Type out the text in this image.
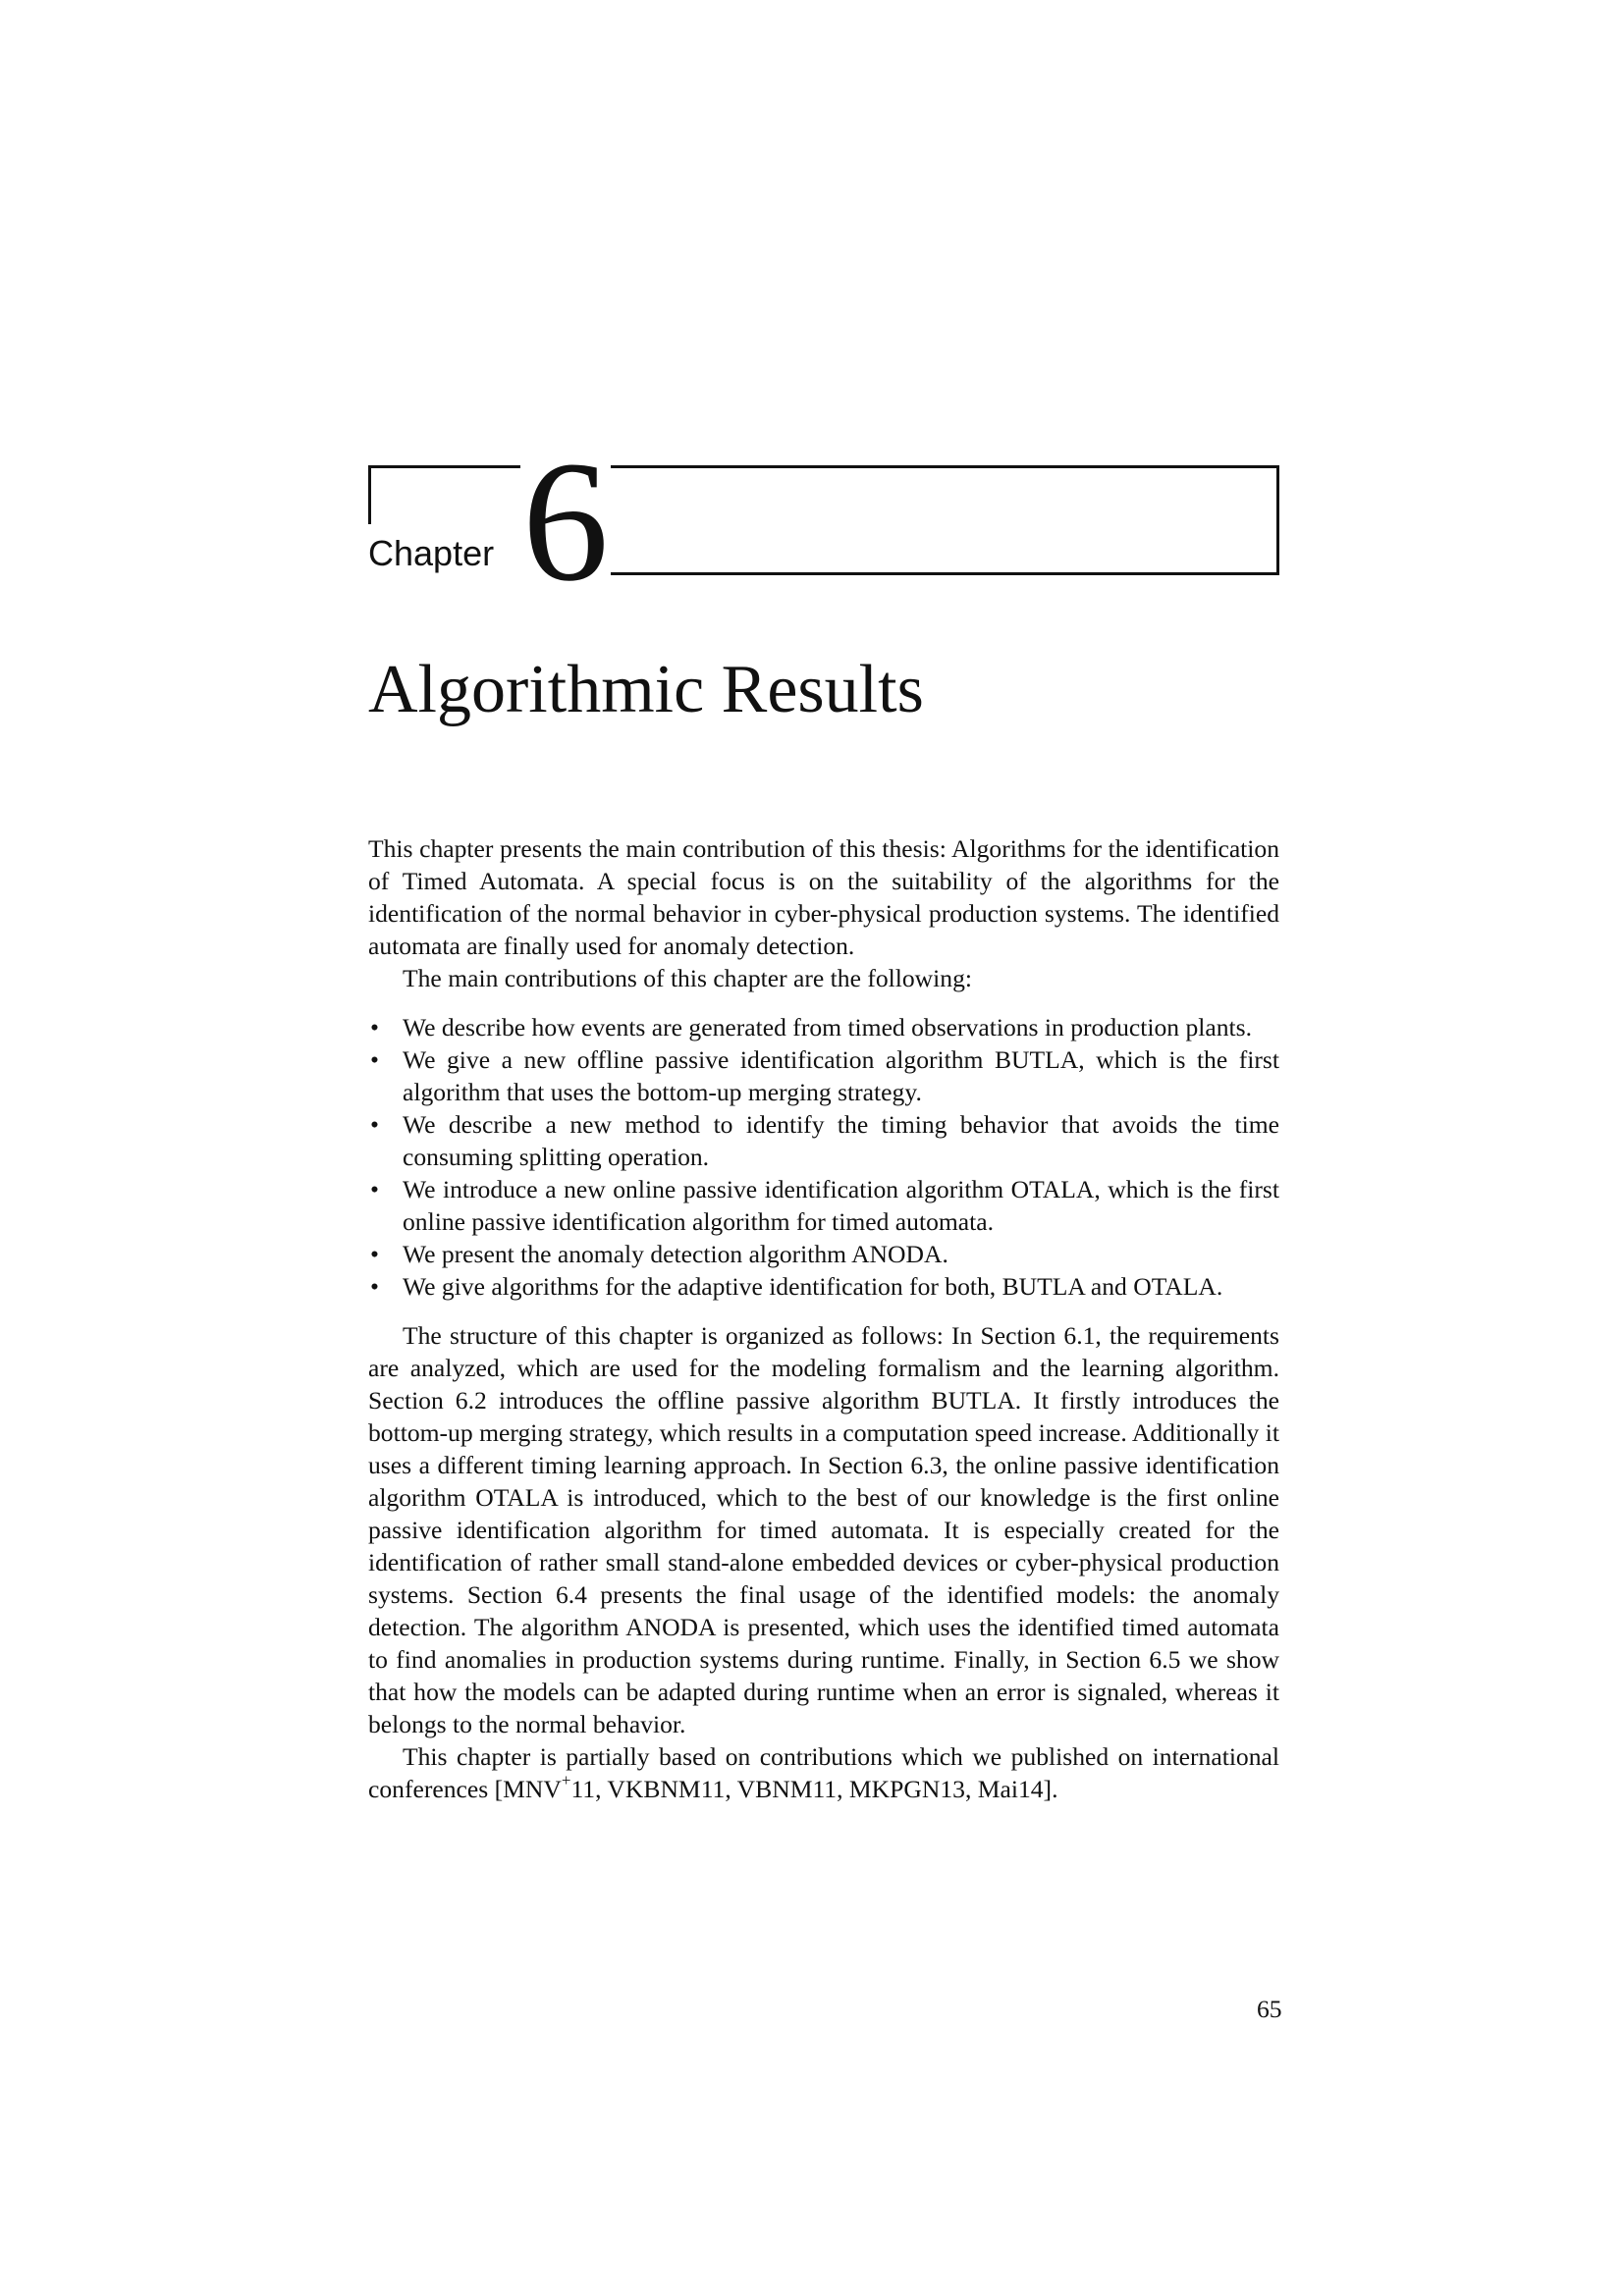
Chapter 6
Algorithmic Results

This chapter presents the main contribution of this thesis: Algorithms for the identification of Timed Automata. A special focus is on the suitability of the algorithms for the identification of the normal behavior in cyber-physical production systems. The identified automata are finally used for anomaly detection.

The main contributions of this chapter are the following:

• We describe how events are generated from timed observations in production plants.
• We give a new offline passive identification algorithm BUTLA, which is the first algorithm that uses the bottom-up merging strategy.
• We describe a new method to identify the timing behavior that avoids the time consuming splitting operation.
• We introduce a new online passive identification algorithm OTALA, which is the first online passive identification algorithm for timed automata.
• We present the anomaly detection algorithm ANODA.
• We give algorithms for the adaptive identification for both, BUTLA and OTALA.

The structure of this chapter is organized as follows: In Section 6.1, the requirements are analyzed, which are used for the modeling formalism and the learning algorithm. Section 6.2 introduces the offline passive algorithm BUTLA. It firstly introduces the bottom-up merging strategy, which results in a computation speed increase. Additionally it uses a different timing learning approach. In Section 6.3, the online passive identification algorithm OTALA is introduced, which to the best of our knowledge is the first online passive identification algorithm for timed automata. It is especially created for the identification of rather small stand-alone embedded devices or cyber-physical production systems. Section 6.4 presents the final usage of the identified models: the anomaly detection. The algorithm ANODA is presented, which uses the identified timed automata to find anomalies in production systems during runtime. Finally, in Section 6.5 we show that how the models can be adapted during runtime when an error is signaled, whereas it belongs to the normal behavior.

This chapter is partially based on contributions which we published on international conferences [MNV+11, VKBNM11, VBNM11, MKPGN13, Mai14].

65
